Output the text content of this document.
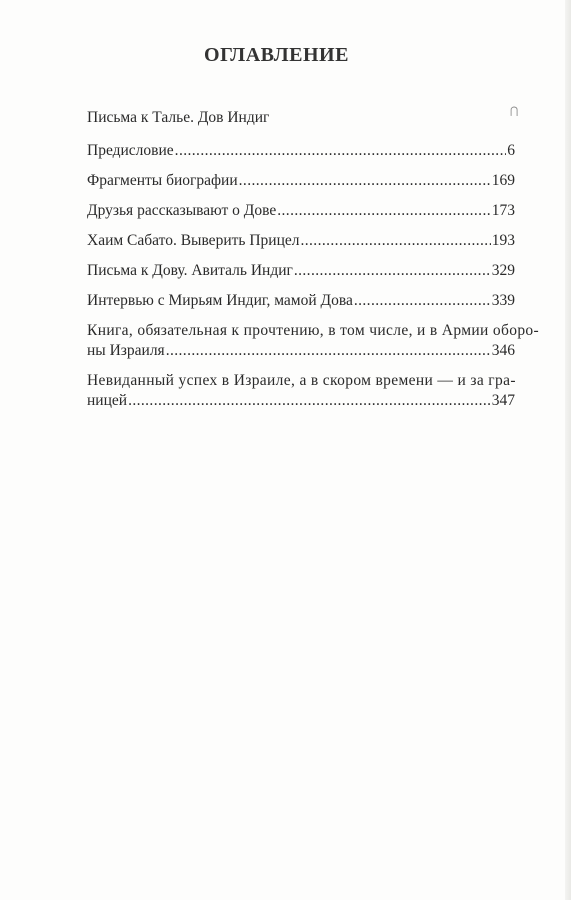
ОГЛАВЛЕНИЕ
⋂
Письма к Талье. Дов Индиг
Предисловие .....	6
Фрагменты биографии .....	169
Друзья рассказывают о Дове .....	173
Хаим Сабато. Выверить Прицел .....	193
Письма к Дову. Авиталь Индиг .....	329
Интервью с Мирьям Индиг, мамой Дова .....	339
Книга, обязательная к прочтению, в том числе, и в Армии оборо-
ны Израиля .....	346
Невиданный успех в Израиле, а в скором времени — и за гра-
ницей .....	347
